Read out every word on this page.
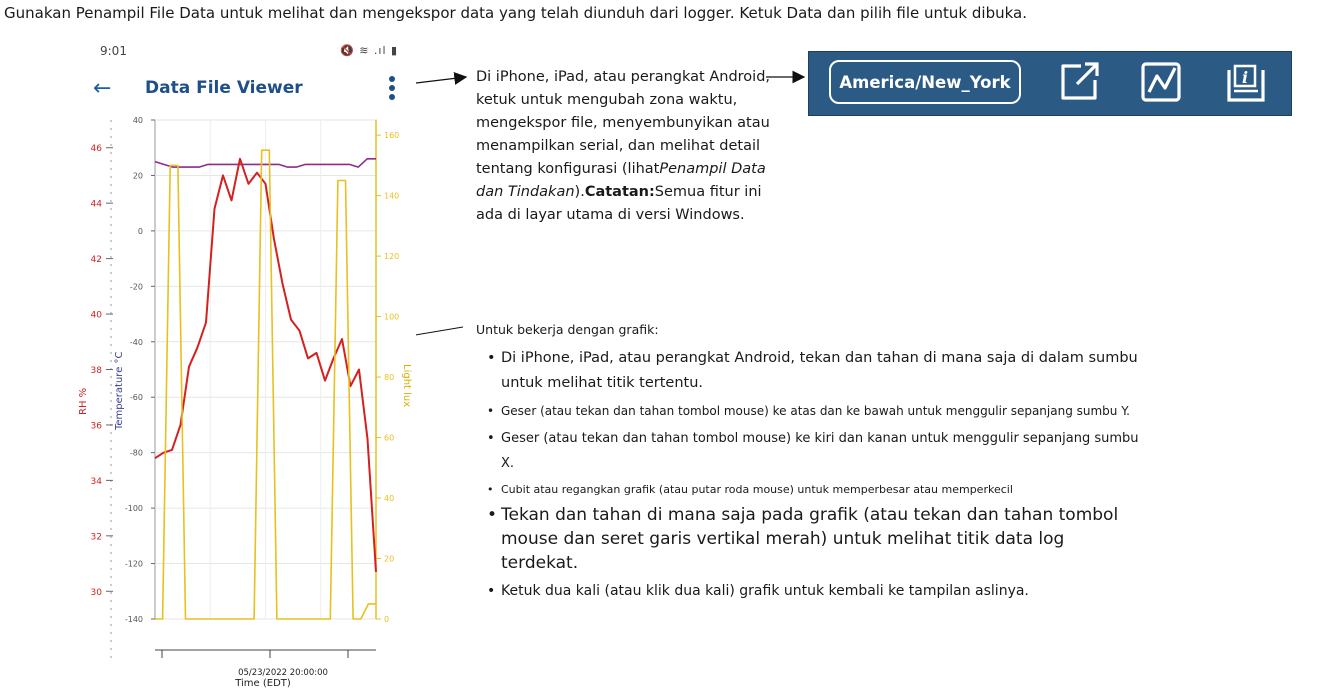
Gunakan Penampil File Data untuk melihat dan mengekspor data yang telah diunduh dari logger. Ketuk Data dan pilih file untuk dibuka.
9:01	🔇 ≋ .ıl ▮
← Data File Viewer
46
44
42
40
38
36
34
32
30
40
20
0
-20
-40
-60
-80
-100
-120
-140
160
140
120
100
80
60
40
20
0
RH %	Temperature °C	Light lux
05/23/2022 20:00:00
Time (EDT)
Di iPhone, iPad, atau perangkat Android, ketuk untuk mengubah zona waktu, mengekspor file, menyembunyikan atau menampilkan serial, dan melihat detail tentang konfigurasi (lihatPenampil Data dan Tindakan).Catatan:Semua fitur ini ada di layar utama di versi Windows.
America/New_York	i
Untuk bekerja dengan grafik:
• Di iPhone, iPad, atau perangkat Android, tekan dan tahan di mana saja di dalam sumbu untuk melihat titik tertentu.
• Geser (atau tekan dan tahan tombol mouse) ke atas dan ke bawah untuk menggulir sepanjang sumbu Y.
• Geser (atau tekan dan tahan tombol mouse) ke kiri dan kanan untuk menggulir sepanjang sumbu X.
• Cubit atau regangkan grafik (atau putar roda mouse) untuk memperbesar atau memperkecil
• Tekan dan tahan di mana saja pada grafik (atau tekan dan tahan tombol mouse dan seret garis vertikal merah) untuk melihat titik data log terdekat.
• Ketuk dua kali (atau klik dua kali) grafik untuk kembali ke tampilan aslinya.
